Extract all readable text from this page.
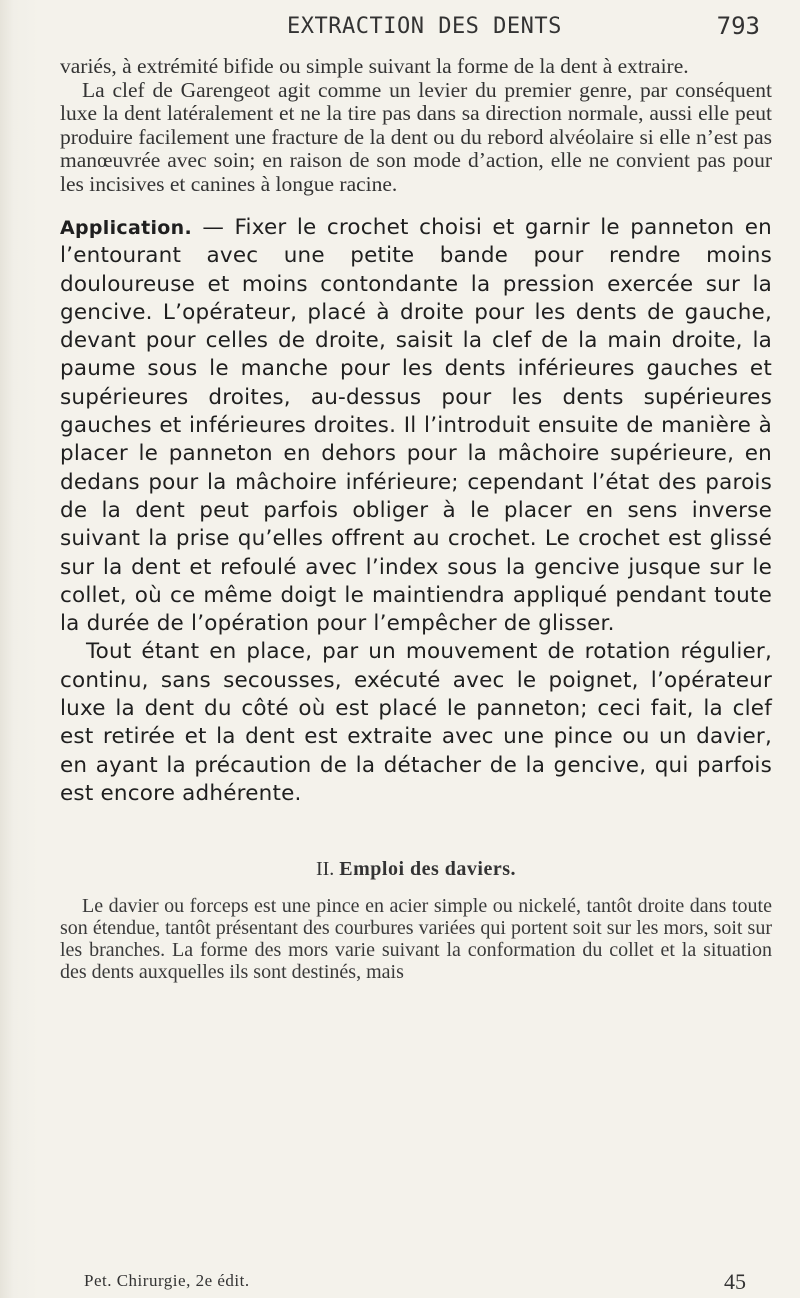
EXTRACTION DES DENTS	793

variés, à extrémité bifide ou simple suivant la forme de la dent à extraire.

La clef de Garengeot agit comme un levier du premier genre, par conséquent luxe la dent latéralement et ne la tire pas dans sa direction normale, aussi elle peut produire facilement une fracture de la dent ou du rebord alvéolaire si elle n’est pas manœuvrée avec soin; en raison de son mode d’action, elle ne convient pas pour les incisives et canines à longue racine.

Application. — Fixer le crochet choisi et garnir le panneton en l’entourant avec une petite bande pour rendre moins douloureuse et moins contondante la pression exercée sur la gencive. L’opérateur, placé à droite pour les dents de gauche, devant pour celles de droite, saisit la clef de la main droite, la paume sous le manche pour les dents inférieures gauches et supérieures droites, au-dessus pour les dents supérieures gauches et inférieures droites. Il l’introduit ensuite de manière à placer le panneton en dehors pour la mâchoire supérieure, en dedans pour la mâchoire inférieure; cependant l’état des parois de la dent peut parfois obliger à le placer en sens inverse suivant la prise qu’elles offrent au crochet. Le crochet est glissé sur la dent et refoulé avec l’index sous la gencive jusque sur le collet, où ce même doigt le maintiendra appliqué pendant toute la durée de l’opération pour l’empêcher de glisser.

Tout étant en place, par un mouvement de rotation régulier, continu, sans secousses, exécuté avec le poignet, l’opérateur luxe la dent du côté où est placé le panneton; ceci fait, la clef est retirée et la dent est extraite avec une pince ou un davier, en ayant la précaution de la détacher de la gencive, qui parfois est encore adhérente.

II. Emploi des daviers.

Le davier ou forceps est une pince en acier simple ou nickelé, tantôt droite dans toute son étendue, tantôt présentant des courbures variées qui portent soit sur les mors, soit sur les branches. La forme des mors varie suivant la conformation du collet et la situation des dents auxquelles ils sont destinés, mais

Pet. Chirurgie, 2e édit.	45
